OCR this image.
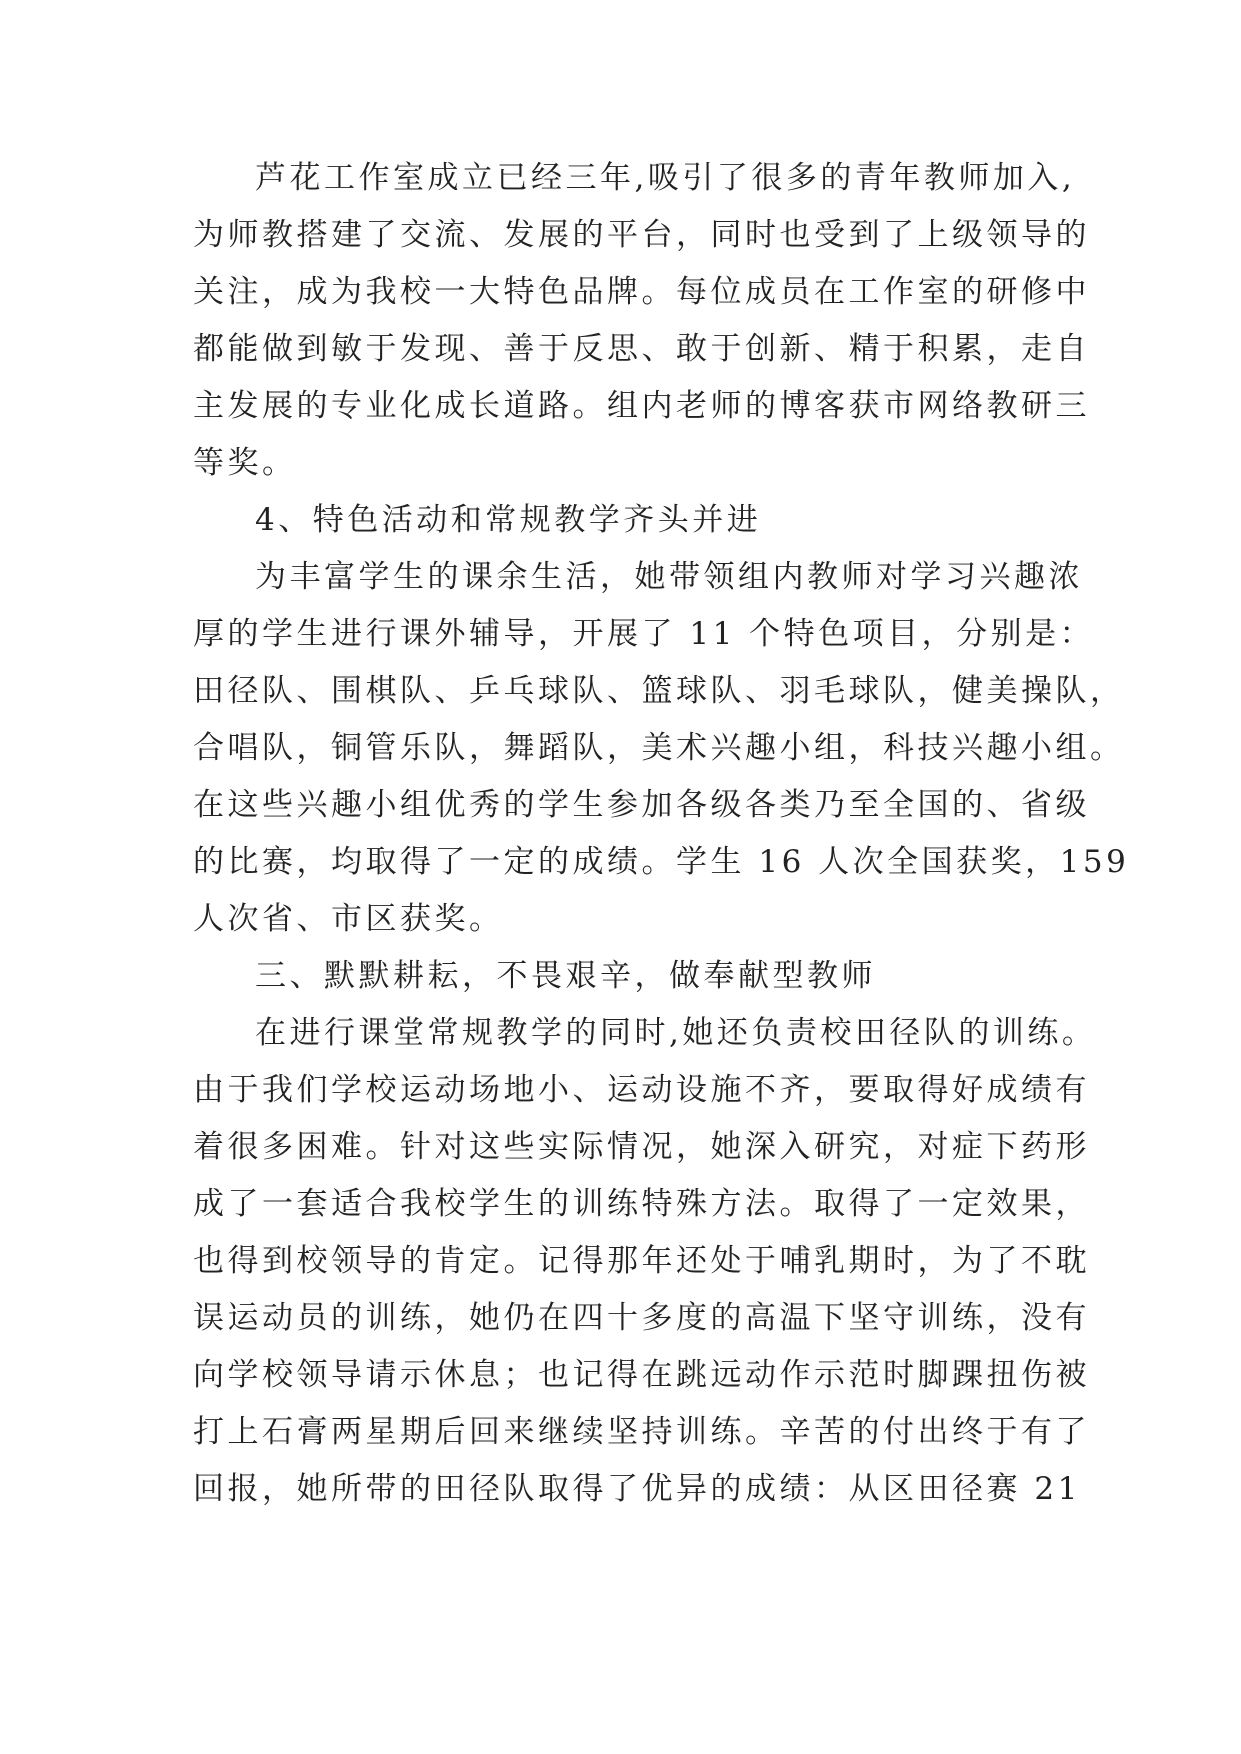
芦花工作室成立已经三年,吸引了很多的青年教师加入,
为师教搭建了交流、发展的平台，同时也受到了上级领导的
关注，成为我校一大特色品牌。每位成员在工作室的研修中
都能做到敏于发现、善于反思、敢于创新、精于积累，走自
主发展的专业化成长道路。组内老师的博客获市网络教研三
等奖。
4、特色活动和常规教学齐头并进
为丰富学生的课余生活，她带领组内教师对学习兴趣浓
厚的学生进行课外辅导，开展了 11 个特色项目，分别是：
田径队、围棋队、乒乓球队、篮球队、羽毛球队，健美操队，
合唱队，铜管乐队，舞蹈队，美术兴趣小组，科技兴趣小组。
在这些兴趣小组优秀的学生参加各级各类乃至全国的、省级
的比赛，均取得了一定的成绩。学生 16 人次全国获奖，159
人次省、市区获奖。
三、默默耕耘，不畏艰辛，做奉献型教师
在进行课堂常规教学的同时,她还负责校田径队的训练。
由于我们学校运动场地小、运动设施不齐，要取得好成绩有
着很多困难。针对这些实际情况，她深入研究，对症下药形
成了一套适合我校学生的训练特殊方法。取得了一定效果，
也得到校领导的肯定。记得那年还处于哺乳期时，为了不耽
误运动员的训练，她仍在四十多度的高温下坚守训练，没有
向学校领导请示休息；也记得在跳远动作示范时脚踝扭伤被
打上石膏两星期后回来继续坚持训练。辛苦的付出终于有了
回报，她所带的田径队取得了优异的成绩：从区田径赛 21
